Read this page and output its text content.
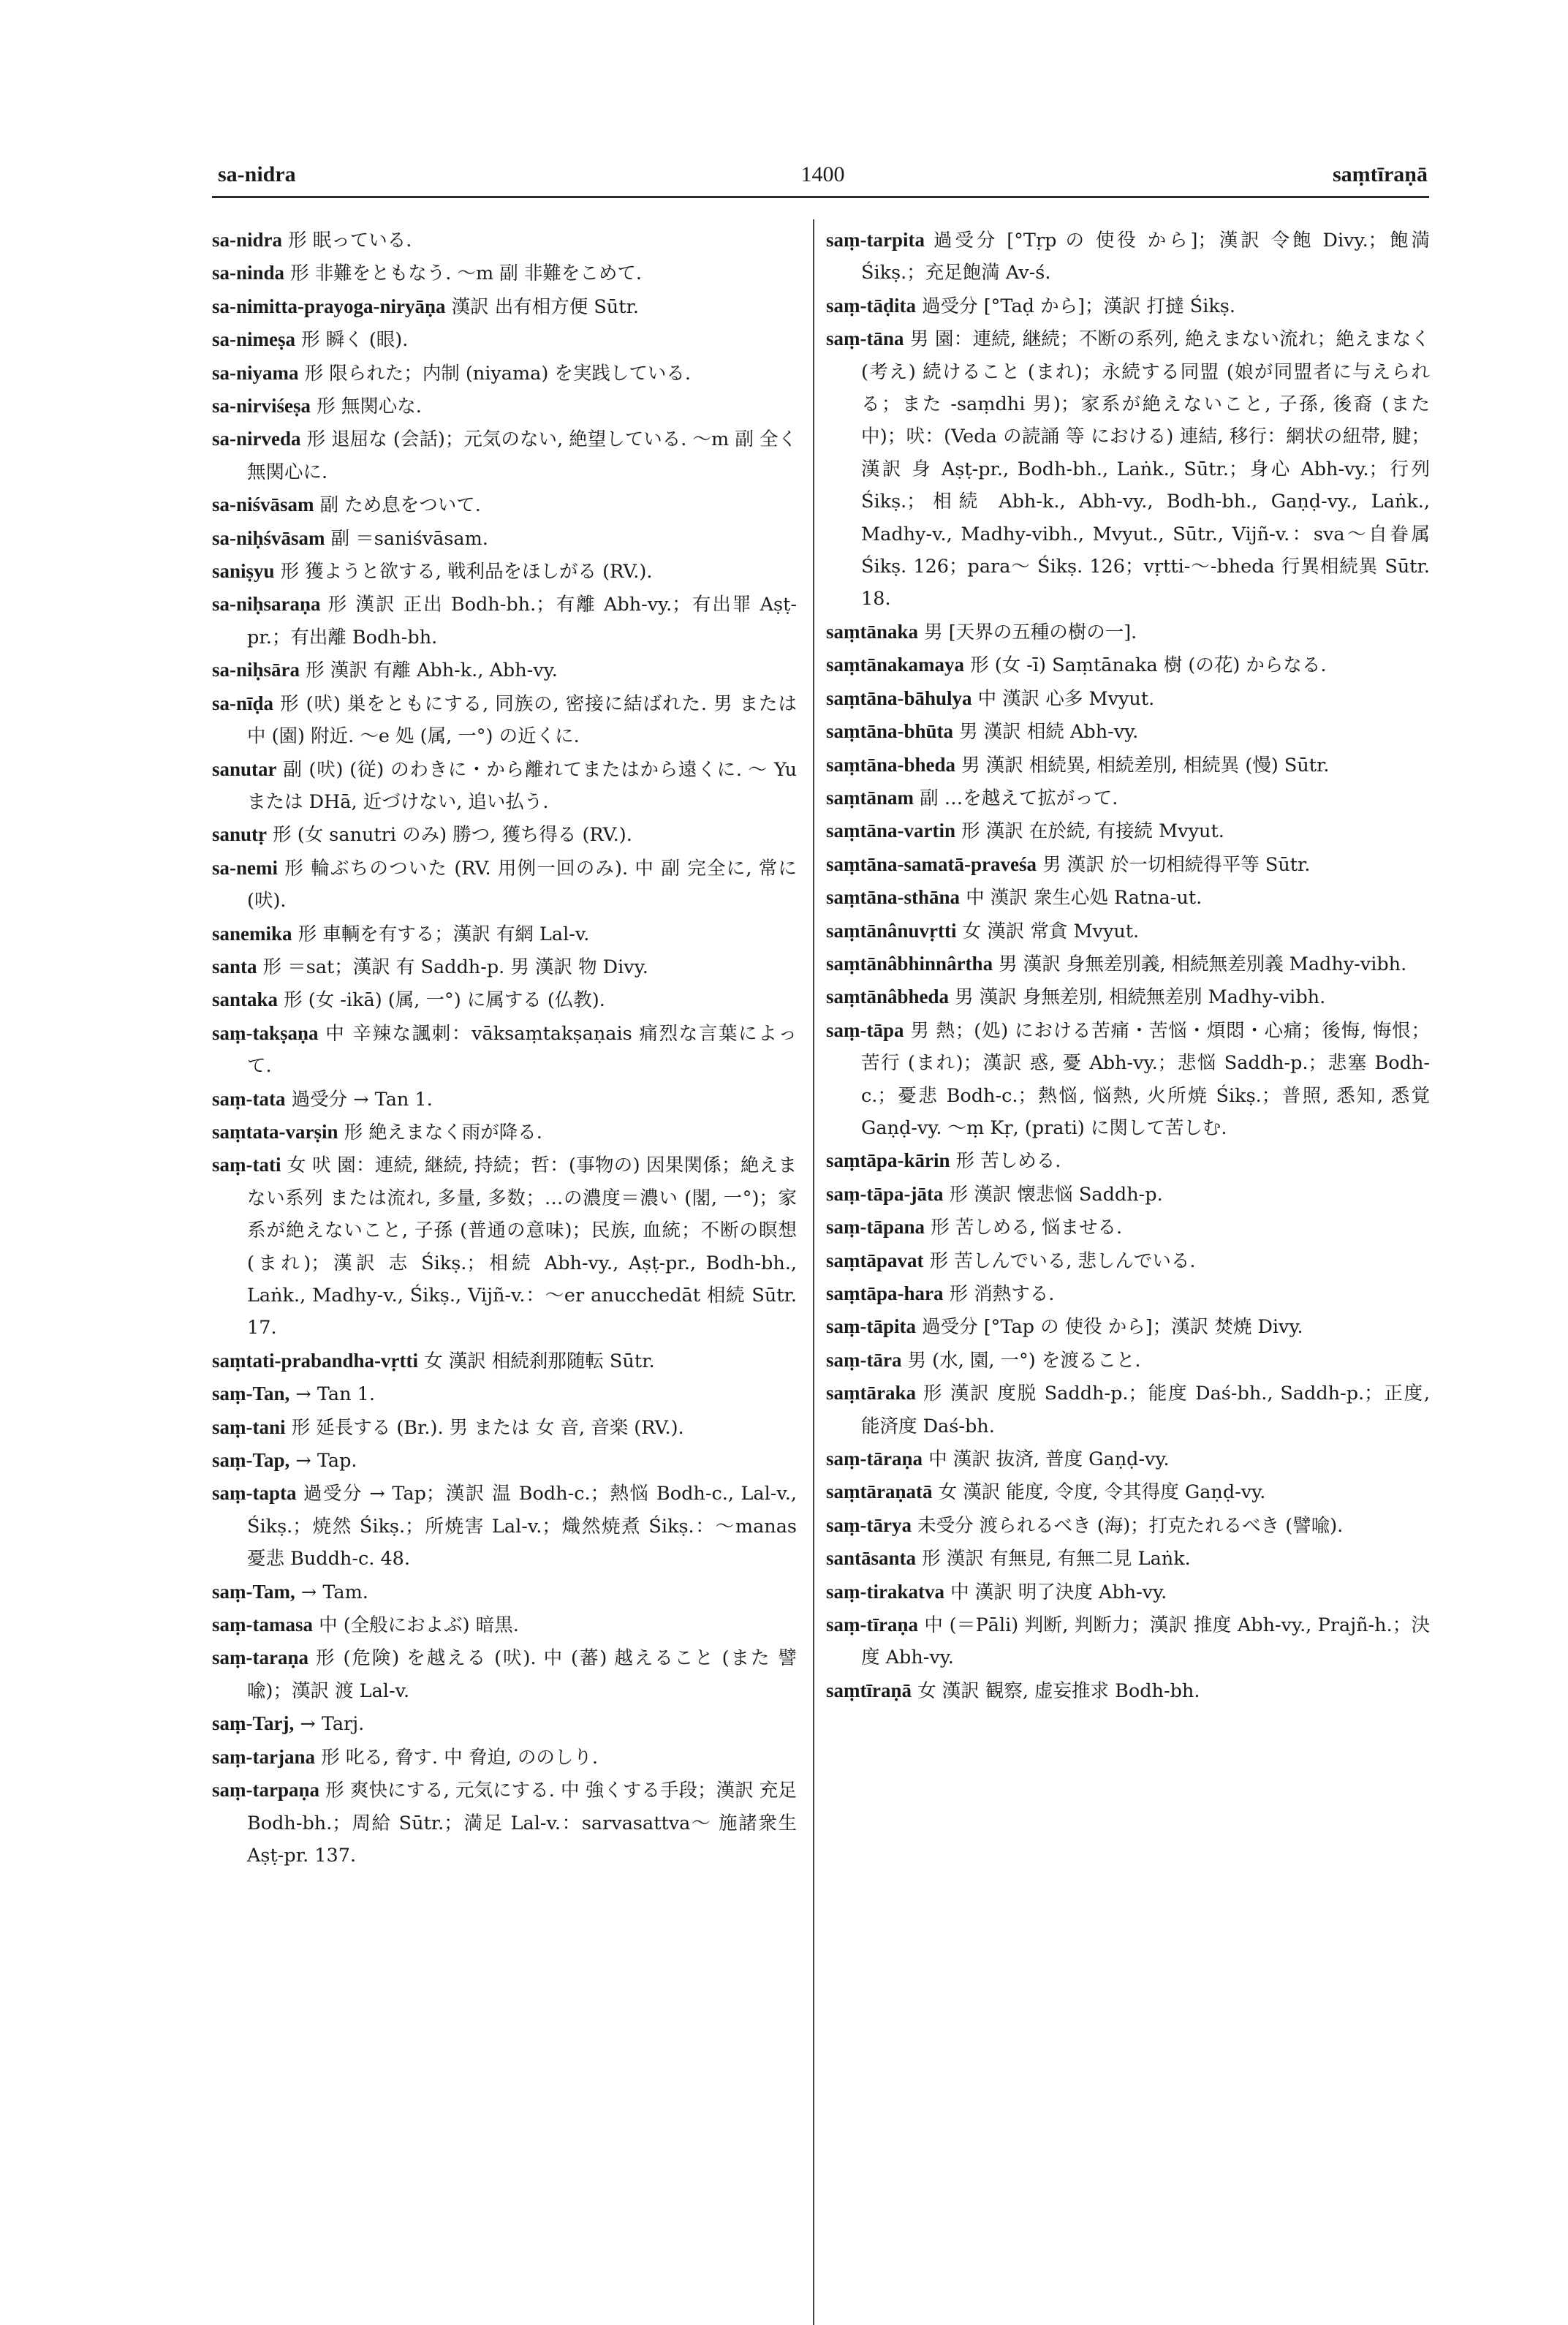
sa-nidra	1400	saṃtīraṇā

sa-nidra 形 眠っている.

sa-ninda 形 非難をともなう. ～m 副 非難をこめて.

sa-nimitta-prayoga-niryāṇa 漢訳 出有相方便 Sūtr.

sa-nimeṣa 形 瞬く (眼).

sa-niyama 形 限られた；内制 (niyama) を実践している.

sa-nirviśeṣa 形 無関心な.

sa-nirveda 形 退屈な (会話)；元気のない, 絶望している. ～m 副 全く無関心に.

sa-niśvāsam 副 ため息をついて.

sa-niḥśvāsam 副 ＝saniśvāsam.

saniṣyu 形 獲ようと欲する, 戦利品をほしがる (RV.).

sa-niḥsaraṇa 形 漢訳 正出 Bodh-bh.；有離 Abh-vy.；有出罪 Aṣṭ-pr.；有出離 Bodh-bh.

sa-niḥsāra 形 漢訳 有離 Abh-k., Abh-vy.

sa-nīḍa 形 (吠) 巣をともにする, 同族の, 密接に結ばれた. 男 または 中 (園) 附近. ～e 処 (属, 一°) の近くに.

sanutar 副 (吠) (従) のわきに・から離れてまたはから遠くに. ～ Yu または DHā, 近づけない, 追い払う.

sanutṛ 形 (女 sanutri のみ) 勝つ, 獲ち得る (RV.).

sa-nemi 形 輪ぶちのついた (RV. 用例一回のみ). 中 副 完全に, 常に (吠).

sanemika 形 車輌を有する；漢訳 有網 Lal-v.

santa 形 ＝sat；漢訳 有 Saddh-p. 男 漢訳 物 Divy.

santaka 形 (女 -ikā) (属, 一°) に属する (仏教).

saṃ-takṣaṇa 中 辛辣な諷刺：vāksaṃtakṣaṇais 痛烈な言葉によって.

saṃ-tata 過受分 → Tan 1.

saṃtata-varṣin 形 絶えまなく雨が降る.

saṃ-tati 女 吠 園：連続, 継続, 持続；哲：(事物の) 因果関係；絶えまない系列 または流れ, 多量, 多数；…の濃度＝濃い (閣, 一°)；家系が絶えないこと, 子孫 (普通の意味)；民族, 血統；不断の瞑想 (まれ)；漢訳 志 Śikṣ.；相続 Abh-vy., Aṣṭ-pr., Bodh-bh., Laṅk., Madhy-v., Śikṣ., Vijñ-v.：～er anucchedāt 相続 Sūtr. 17.

saṃtati-prabandha-vṛtti 女 漢訳 相続刹那随転 Sūtr.

saṃ-Tan, → Tan 1.

saṃ-tani 形 延長する (Br.). 男 または 女 音, 音楽 (RV.).

saṃ-Tap, → Tap.

saṃ-tapta 過受分 → Tap；漢訳 温 Bodh-c.；熱悩 Bodh-c., Lal-v., Śikṣ.；焼然 Śikṣ.；所焼害 Lal-v.；熾然焼煮 Śikṣ.：～manas 憂悲 Buddh-c. 48.

saṃ-Tam, → Tam.

saṃ-tamasa 中 (全般におよぶ) 暗黒.

saṃ-taraṇa 形 (危険) を越える (吠). 中 (蕃) 越えること (また 譬喩)；漢訳 渡 Lal-v.

saṃ-Tarj, → Tarj.

saṃ-tarjana 形 叱る, 脅す. 中 脅迫, ののしり.

saṃ-tarpaṇa 形 爽快にする, 元気にする. 中 強くする手段；漢訳 充足 Bodh-bh.；周給 Sūtr.；満足 Lal-v.：sarvasattva～ 施諸衆生 Aṣṭ-pr. 137.

saṃ-tarpita 過受分 [°Tṛp の 使役 から]；漢訳 令飽 Divy.；飽満 Śikṣ.；充足飽満 Av-ś.

saṃ-tāḍita 過受分 [°Taḍ から]；漢訳 打撻 Śikṣ.

saṃ-tāna 男 園：連続, 継続；不断の系列, 絶えまない流れ；絶えまなく (考え) 続けること (まれ)；永続する同盟 (娘が同盟者に与えられる；また -saṃdhi 男)；家系が絶えないこと, 子孫, 後裔 (また 中)；吠：(Veda の読誦 等 における) 連結, 移行：網状の紐帯, 腱；漢訳 身 Aṣṭ-pr., Bodh-bh., Laṅk., Sūtr.；身心 Abh-vy.；行列 Śikṣ.；相続 Abh-k., Abh-vy., Bodh-bh., Gaṇḍ-vy., Laṅk., Madhy-v., Madhy-vibh., Mvyut., Sūtr., Vijñ-v.：sva～自眷属 Śikṣ. 126；para～ Śikṣ. 126；vṛtti-～-bheda 行異相続異 Sūtr. 18.

saṃtānaka 男 [天界の五種の樹の一].

saṃtānakamaya 形 (女 -ī) Saṃtānaka 樹 (の花) からなる.

saṃtāna-bāhulya 中 漢訳 心多 Mvyut.

saṃtāna-bhūta 男 漢訳 相続 Abh-vy.

saṃtāna-bheda 男 漢訳 相続異, 相続差別, 相続異 (慢) Sūtr.

saṃtānam 副 …を越えて拡がって.

saṃtāna-vartin 形 漢訳 在於続, 有接続 Mvyut.

saṃtāna-samatā-praveśa 男 漢訳 於一切相続得平等 Sūtr.

saṃtāna-sthāna 中 漢訳 衆生心処 Ratna-ut.

saṃtānânuvṛtti 女 漢訳 常貪 Mvyut.

saṃtānâbhinnârtha 男 漢訳 身無差別義, 相続無差別義 Madhy-vibh.

saṃtānâbheda 男 漢訳 身無差別, 相続無差別 Madhy-vibh.

saṃ-tāpa 男 熱；(処) における苦痛・苦悩・煩悶・心痛；後悔, 悔恨；苦行 (まれ)；漢訳 惑, 憂 Abh-vy.；悲悩 Saddh-p.；悲塞 Bodh-c.；憂悲 Bodh-c.；熱悩, 悩熱, 火所焼 Śikṣ.；普照, 悉知, 悉覚 Gaṇḍ-vy. ～ṃ Kṛ, (prati) に関して苦しむ.

saṃtāpa-kārin 形 苦しめる.

saṃ-tāpa-jāta 形 漢訳 懐悲悩 Saddh-p.

saṃ-tāpana 形 苦しめる, 悩ませる.

saṃtāpavat 形 苦しんでいる, 悲しんでいる.

saṃtāpa-hara 形 消熱する.

saṃ-tāpita 過受分 [°Tap の 使役 から]；漢訳 焚焼 Divy.

saṃ-tāra 男 (水, 園, 一°) を渡ること.

saṃtāraka 形 漢訳 度脱 Saddh-p.；能度 Daś-bh., Saddh-p.；正度, 能済度 Daś-bh.

saṃ-tāraṇa 中 漢訳 抜済, 普度 Gaṇḍ-vy.

saṃtāraṇatā 女 漢訳 能度, 令度, 令其得度 Gaṇḍ-vy.

saṃ-tārya 未受分 渡られるべき (海)；打克たれるべき (譬喩).

santāsanta 形 漢訳 有無見, 有無二見 Laṅk.

saṃ-tirakatva 中 漢訳 明了決度 Abh-vy.

saṃ-tīraṇa 中 (＝Pāli) 判断, 判断力；漢訳 推度 Abh-vy., Prajñ-h.；決度 Abh-vy.

saṃtīraṇā 女 漢訳 観察, 虚妄推求 Bodh-bh.
